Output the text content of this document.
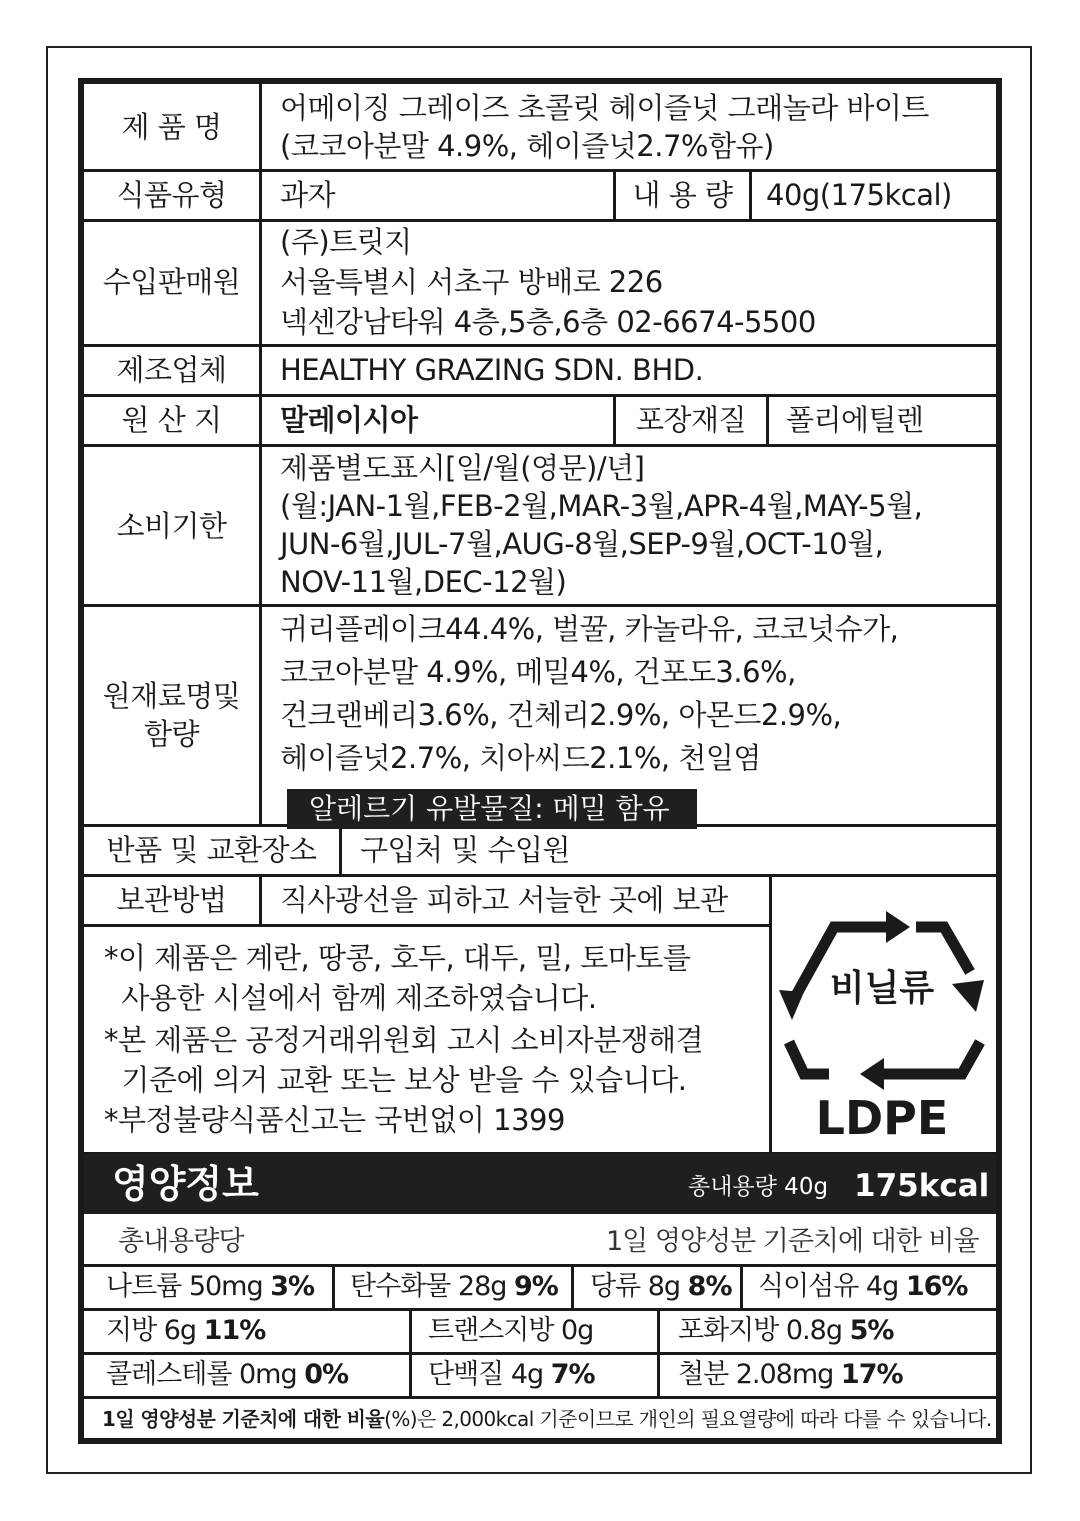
제 품 명
어메이징 그레이즈 초콜릿 헤이즐넛 그래놀라 바이트
(코코아분말 4.9%, 헤이즐넛2.7%함유)
식품유형	과자	내 용 량	40g(175kcal)
수입판매원
(주)트릿지
서울특별시 서초구 방배로 226
넥센강남타워 4층,5층,6층 02-6674-5500
제조업체	HEALTHY GRAZING SDN. BHD.
원 산 지	말레이시아	포장재질	폴리에틸렌
소비기한
제품별도표시[일/월(영문)/년]
(월:JAN-1월,FEB-2월,MAR-3월,APR-4월,MAY-5월,
JUN-6월,JUL-7월,AUG-8월,SEP-9월,OCT-10월,
NOV-11월,DEC-12월)
원재료명및
함량
귀리플레이크44.4%, 벌꿀, 카놀라유, 코코넛슈가,
코코아분말 4.9%, 메밀4%, 건포도3.6%,
건크랜베리3.6%, 건체리2.9%, 아몬드2.9%,
헤이즐넛2.7%, 치아씨드2.1%, 천일염
알레르기 유발물질: 메밀 함유
반품 및 교환장소	구입처 및 수입원
보관방법	직사광선을 피하고 서늘한 곳에 보관
*이 제품은 계란, 땅콩, 호두, 대두, 밀, 토마토를
사용한 시설에서 함께 제조하였습니다.
*본 제품은 공정거래위원회 고시 소비자분쟁해결
기준에 의거 교환 또는 보상 받을 수 있습니다.
*부정불량식품신고는 국번없이 1399
비닐류
LDPE
영양정보	총내용량 40g 175kcal
총내용량당	1일 영양성분 기준치에 대한 비율
나트륨 50mg 3% 탄수화물 28g 9% 당류 8g 8% 식이섬유 4g 16%
지방 6g 11%	트랜스지방 0g	포화지방 0.8g 5%
콜레스테롤 0mg 0%	단백질 4g 7%	철분 2.08mg 17%
1일 영양성분 기준치에 대한 비율(%)은 2,000kcal 기준이므로 개인의 필요열량에 따라 다를 수 있습니다.
